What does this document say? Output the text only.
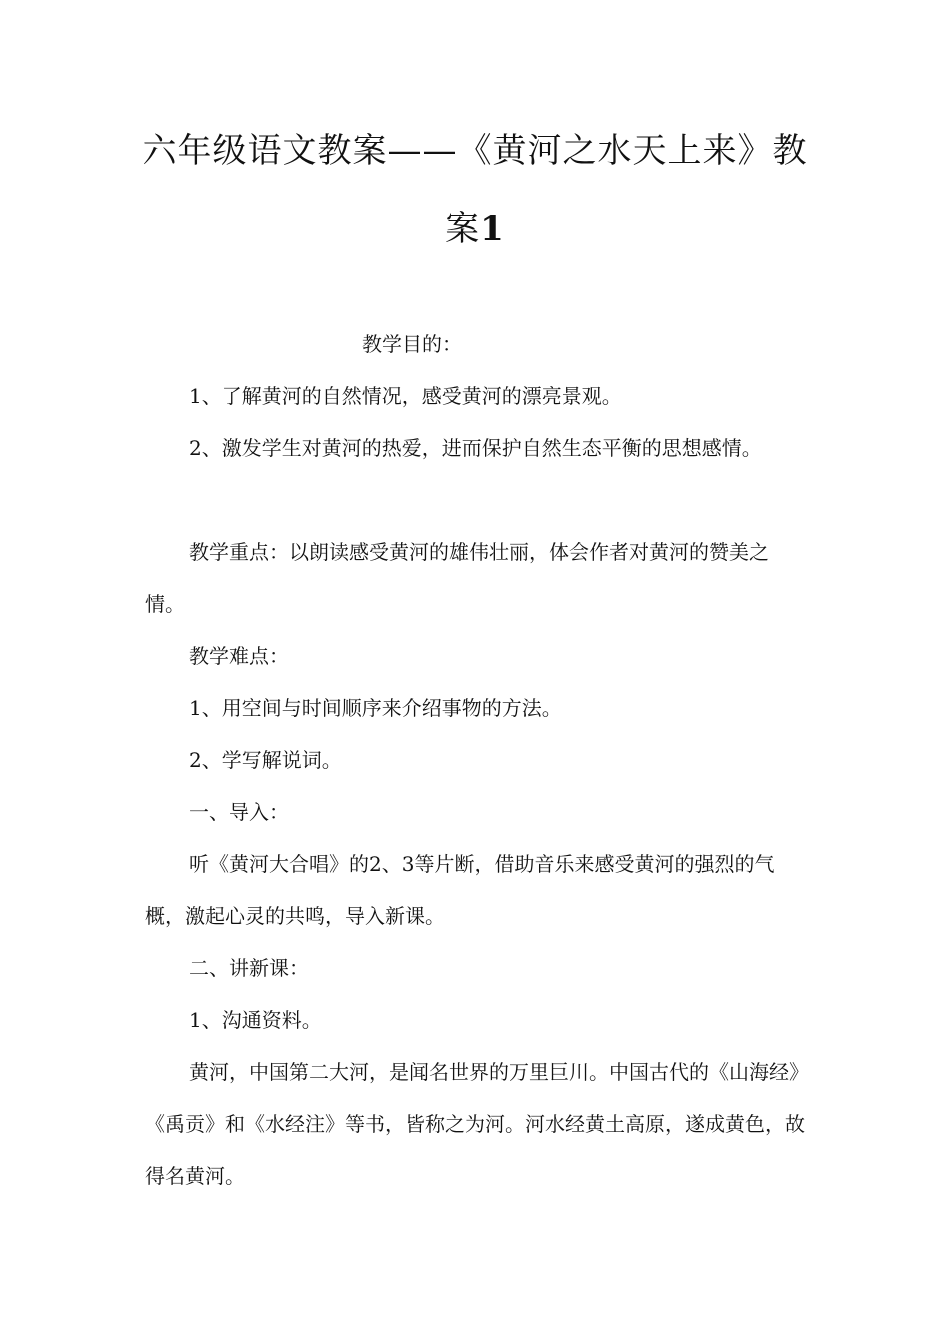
六年级语文教案——《黄河之水天上来》教
案1
教学目的：

1、了解黄河的自然情况，感受黄河的漂亮景观。

2、激发学生对黄河的热爱，进而保护自然生态平衡的思想感情。

教学重点：以朗读感受黄河的雄伟壮丽，体会作者对黄河的赞美之情。

教学难点：

1、用空间与时间顺序来介绍事物的方法。

2、学写解说词。

一、导入：

听《黄河大合唱》的2、3等片断，借助音乐来感受黄河的强烈的气概，激起心灵的共鸣，导入新课。

二、讲新课：

1、沟通资料。

黄河，中国第二大河，是闻名世界的万里巨川。中国古代的《山海经》《禹贡》和《水经注》等书，皆称之为河。河水经黄土高原，遂成黄色，故得名黄河。
